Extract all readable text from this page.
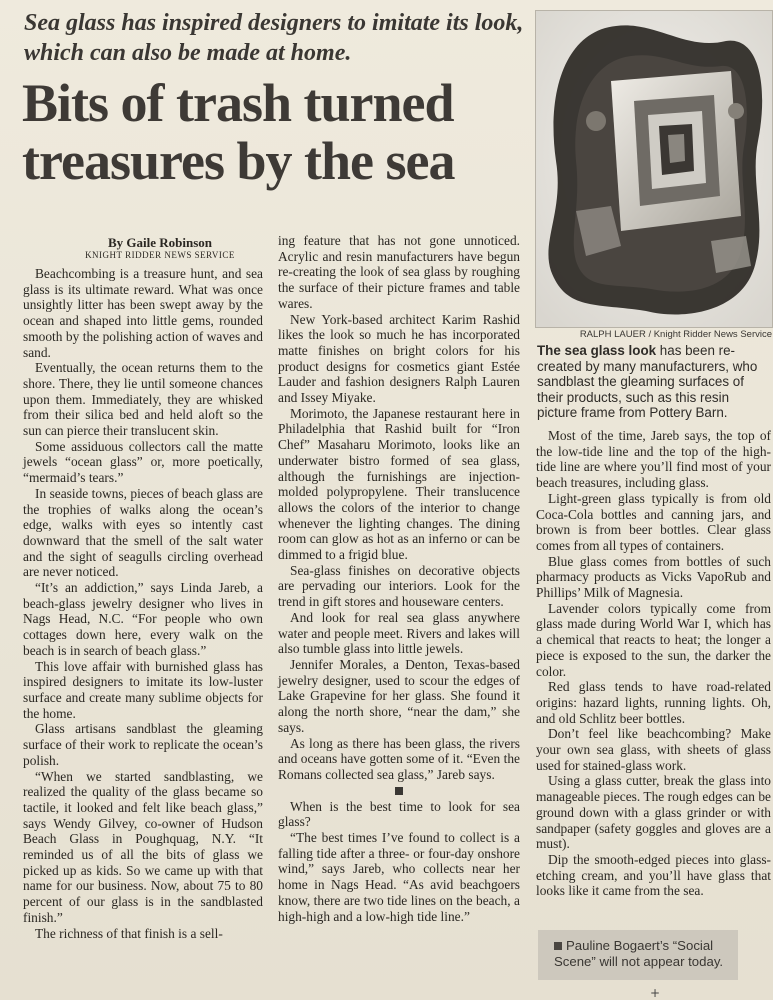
Sea glass has inspired designers to imitate its look, which can also be made at home.
Bits of trash turned treasures by the sea
By Gaile Robinson
KNIGHT RIDDER NEWS SERVICE

Beachcombing is a treasure hunt, and sea glass is its ultimate reward. What was once unsightly litter has been swept away by the ocean and shaped into little gems, rounded smooth by the polishing action of waves and sand.

Eventually, the ocean returns them to the shore. There, they lie until someone chances upon them. Immediately, they are whisked from their silica bed and held aloft so the sun can pierce their translucent skin.

Some assiduous collectors call the matte jewels “ocean glass” or, more poetically, “mermaid’s tears.”

In seaside towns, pieces of beach glass are the trophies of walks along the ocean’s edge, walks with eyes so intently cast downward that the smell of the salt water and the sight of seagulls circling overhead are never noticed.

“It’s an addiction,” says Linda Jareb, a beach-glass jewelry designer who lives in Nags Head, N.C. “For people who own cottages down here, every walk on the beach is in search of beach glass.”

This love affair with burnished glass has inspired designers to imitate its low-luster surface and create many sublime objects for the home.

Glass artisans sandblast the gleaming surface of their work to replicate the ocean’s polish.

“When we started sandblasting, we realized the quality of the glass became so tactile, it looked and felt like beach glass,” says Wendy Gilvey, co-owner of Hudson Beach Glass in Poughquag, N.Y. “It reminded us of all the bits of glass we picked up as kids. So we came up with that name for our business. Now, about 75 to 80 percent of our glass is in the sandblasted finish.”

The richness of that finish is a sell-

ing feature that has not gone unnoticed. Acrylic and resin manufacturers have begun re-creating the look of sea glass by roughing the surface of their picture frames and table wares.

New York-based architect Karim Rashid likes the look so much he has incorporated matte finishes on bright colors for his product designs for cosmetics giant Estée Lauder and fashion designers Ralph Lauren and Issey Miyake.

Morimoto, the Japanese restaurant here in Philadelphia that Rashid built for “Iron Chef” Masaharu Morimoto, looks like an underwater bistro formed of sea glass, although the furnishings are injection-molded polypropylene. Their translucence allows the colors of the interior to change whenever the lighting changes. The dining room can glow as hot as an inferno or can be dimmed to a frigid blue.

Sea-glass finishes on decorative objects are pervading our interiors. Look for the trend in gift stores and houseware centers.

And look for real sea glass anywhere water and people meet. Rivers and lakes will also tumble glass into little jewels.

Jennifer Morales, a Denton, Texas-based jewelry designer, used to scour the edges of Lake Grapevine for her glass. She found it along the north shore, “near the dam,” she says.

As long as there has been glass, the rivers and oceans have gotten some of it. “Even the Romans collected sea glass,” Jareb says.

When is the best time to look for sea glass?

“The best times I’ve found to collect is a falling tide after a three- or four-day onshore wind,” says Jareb, who collects near her home in Nags Head. “As avid beachgoers know, there are two tide lines on the beach, a high-high and a low-high tide line.”

RALPH LAUER / Knight Ridder News Service
The sea glass look has been re-created by many manufacturers, who sandblast the gleaming surfaces of their products, such as this resin picture frame from Pottery Barn.

Most of the time, Jareb says, the top of the low-tide line and the top of the high-tide line are where you’ll find most of your beach treasures, including glass.

Light-green glass typically is from old Coca-Cola bottles and canning jars, and brown is from beer bottles. Clear glass comes from all types of containers.

Blue glass comes from bottles of such pharmacy products as Vicks VapoRub and Phillips’ Milk of Magnesia.

Lavender colors typically come from glass made during World War I, which has a chemical that reacts to heat; the longer a piece is exposed to the sun, the darker the color.

Red glass tends to have road-related origins: hazard lights, running lights. Oh, and old Schlitz beer bottles.

Don’t feel like beachcombing? Make your own sea glass, with sheets of glass used for stained-glass work.

Using a glass cutter, break the glass into manageable pieces. The rough edges can be ground down with a glass grinder or with sandpaper (safety goggles and gloves are a must).

Dip the smooth-edged pieces into glass-etching cream, and you’ll have glass that looks like it came from the sea.

Pauline Bogaert’s “Social Scene” will not appear today.
+
